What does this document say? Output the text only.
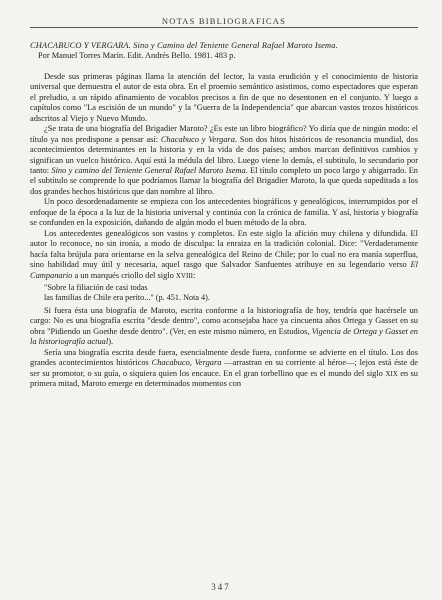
NOTAS BIBLIOGRAFICAS

CHACABUCO Y VERGARA. Sino y Camino del Teniente General Rafael Maroto Isema.
Por Manuel Torres Marín. Edit. Andrés Bello. 1981. 483 p.

Desde sus primeras páginas llama la atención del lector, la vasta erudición y el conocimiento de historia universal que demuestra el autor de esta obra. En el proemio semántico asistimos, como espectadores que esperan el preludio, a un rápido afinamiento de vocablos precisos a fin de que no desentonen en el conjunto. Y luego a capítulos como "La escisión de un mundo" y la "Guerra de la Independencia" que abarcan vastos trozos históricos adscritos al Viejo y Nuevo Mundo.

¿Se trata de una biografía del Brigadier Maroto? ¿Es este un libro biográfico? Yo diría que de ningún modo: el título ya nos predispone a pensar así: Chacabuco y Vergara. Son dos hitos históricos de resonancia mundial, dos acontecimientos determinantes en la historia y en la vida de dos países; ambos marcan definitivos cambios y significan un vuelco histórico. Aquí está la médula del libro. Luego viene lo demás, el subtítulo, lo secundario por tanto: Sino y camino del Teniente General Rafael Maroto Isema. El título completo un poco largo y abigarrado. En el subtítulo se comprende lo que podríamos llamar la biografía del Brigadier Maroto, la que queda supeditada a los dos grandes hechos históricos que dan nombre al libro.

Un poco desordenadamente se empieza con los antecedentes biográficos y genealógicos, interrumpidos por el enfoque de la época a la luz de la historia universal y continúa con la crónica de familia. Y así, historia y biografía se confunden en la exposición, dañando de algún modo el buen método de la obra.

Los antecedentes genealógicos son vastos y completos. En este siglo la afición muy chilena y difundida. El autor lo reconoce, no sin ironía, a modo de disculpa: la enraiza en la tradición colonial. Dice: "Verdaderamente hacía falta brújula para orientarse en la selva genealógica del Reino de Chile; por lo cual no era manía superflua, sino habilidad muy útil y necesaria, aquel rasgo que Salvador Sanfuentes atribuye en su legendario verso El Campanario a un marqués criollo del siglo XVIII:

"Sobre la filiación de casi todas
las familias de Chile era perito..." (p. 451. Nota 4).

Si fuera ésta una biografía de Maroto, escrita conforme a la historiografía de hoy, tendría que hacérsele un cargo: No es una biografía escrita "desde dentro", como aconsejaba hace ya cincuenta años Ortega y Gasset en su obra "Pidiendo un Goethe desde dentro". (Ver, en este mismo número, en Estudios, Vigencia de Ortega y Gasset en la historiografía actual).

Sería una biografía escrita desde fuera, esencialmente desde fuera, conforme se advierte en el título. Los dos grandes acontecimientos históricos Chacabuco, Vergara —arrastran en su corriente al héroe—; lejos está éste de ser su promotor, o su guía, o siquiera quien los encauce. En el gran torbellino que es el mundo del siglo XIX en su primera mitad, Maroto emerge en determinados momentos con

347
